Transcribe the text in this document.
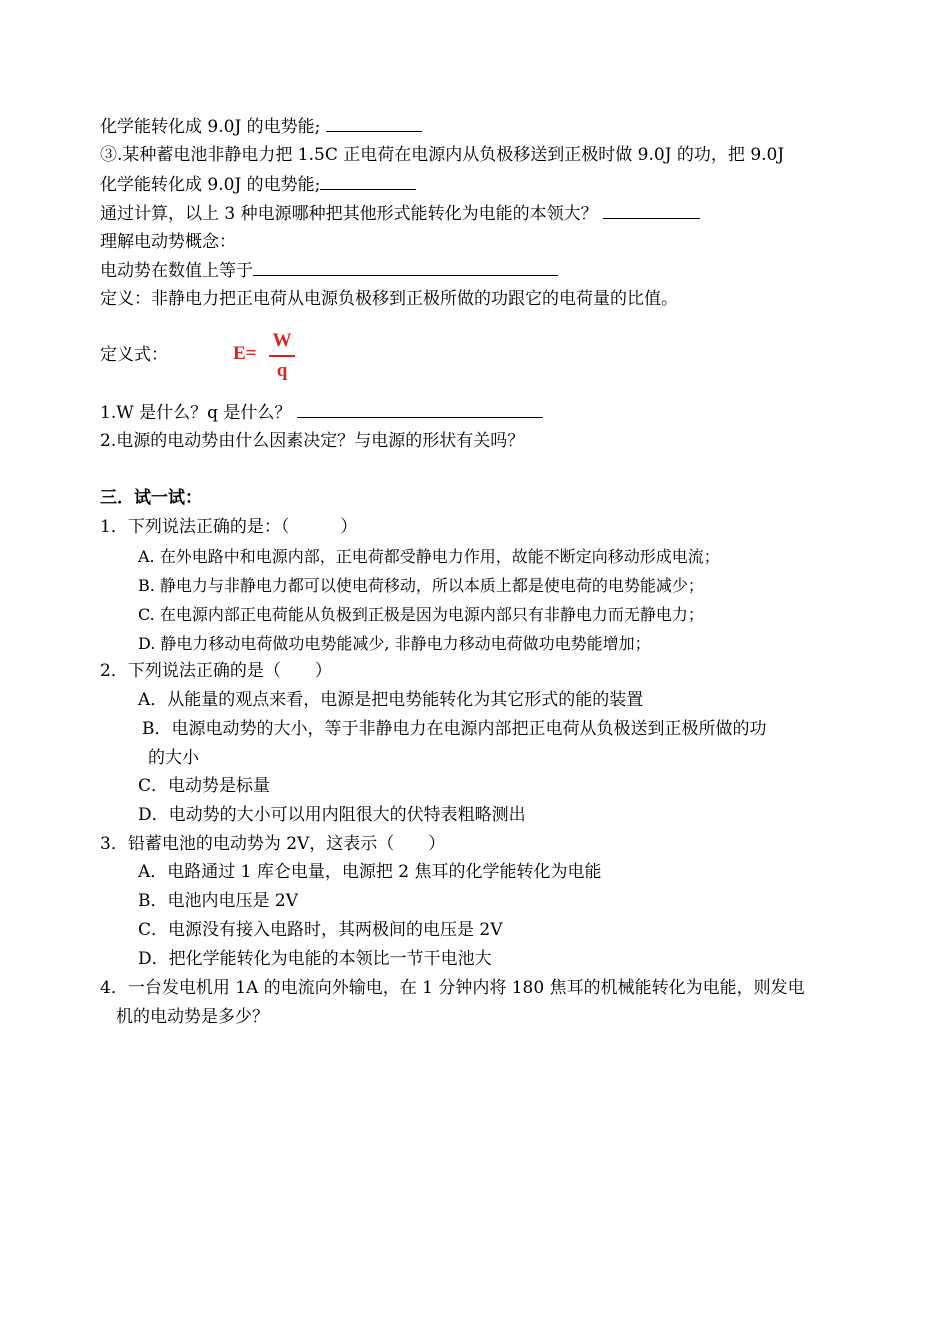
化学能转化成 9.0J 的电势能;
③.某种蓄电池非静电力把 1.5C 正电荷在电源内从负极移送到正极时做 9.0J 的功，把 9.0J
化学能转化成 9.0J 的电势能;
通过计算，以上 3 种电源哪种把其他形式能转化为电能的本领大？
理解电动势概念：
电动势在数值上等于
定义：非静电力把正电荷从电源负极移到正极所做的功跟它的电荷量的比值。
定义式：	E=
W
q
1.W 是什么？q 是什么？
2.电源的电动势由什么因素决定？与电源的形状有关吗？
三．试一试：
1．下列说法正确的是：（　　　）
A. 在外电路中和电源内部，正电荷都受静电力作用，故能不断定向移动形成电流；
B. 静电力与非静电力都可以使电荷移动，所以本质上都是使电荷的电势能减少；
C. 在电源内部正电荷能从负极到正极是因为电源内部只有非静电力而无静电力；
D. 静电力移动电荷做功电势能减少, 非静电力移动电荷做功电势能增加；
2．下列说法正确的是（　　）
A．从能量的观点来看，电源是把电势能转化为其它形式的能的装置
B．电源电动势的大小，等于非静电力在电源内部把正电荷从负极送到正极所做的功
的大小
C．电动势是标量
D．电动势的大小可以用内阻很大的伏特表粗略测出
3．铅蓄电池的电动势为 2V，这表示（　　）
A．电路通过 1 库仑电量，电源把 2 焦耳的化学能转化为电能
B．电池内电压是 2V
C．电源没有接入电路时，其两极间的电压是 2V
D．把化学能转化为电能的本领比一节干电池大
4．一台发电机用 1A 的电流向外输电，在 1 分钟内将 180 焦耳的机械能转化为电能，则发电
机的电动势是多少？
